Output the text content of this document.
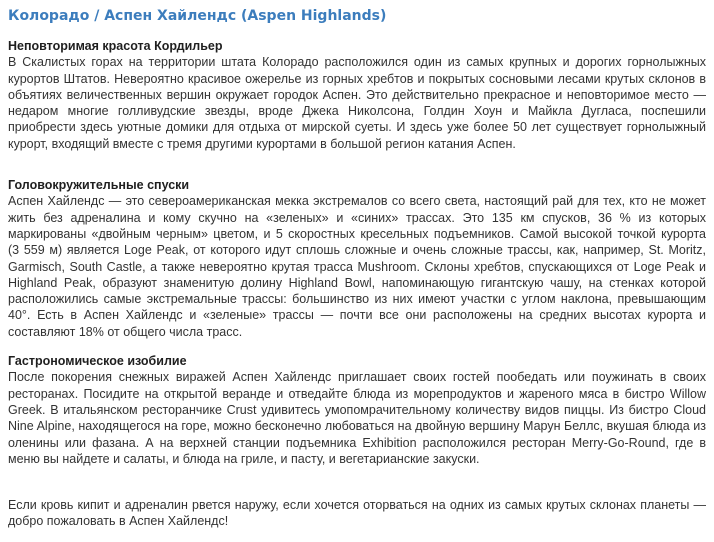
Колорадо / Аспен Хайлендс (Aspen Highlands)
Неповторимая красота Кордильер

В Скалистых горах на территории штата Колорадо расположился один из самых крупных и дорогих горнолыжных курортов Штатов. Невероятно красивое ожерелье из горных хребтов и покрытых сосновыми лесами крутых склонов в объятиях величественных вершин окружает городок Аспен. Это действительно прекрасное и неповторимое место — недаром многие голливудские звезды, вроде Джека Николсона, Голдин Хоун и Майкла Дугласа, поспешили приобрести здесь уютные домики для отдыха от мирской суеты. И здесь уже более 50 лет существует горнолыжный курорт, входящий вместе с тремя другими курортами в большой регион катания Аспен.

Головокружительные спуски

Аспен Хайлендс — это североамериканская мекка экстремалов со всего света, настоящий рай для тех, кто не может жить без адреналина и кому скучно на «зеленых» и «синих» трассах. Это 135 км спусков, 36 % из которых маркированы «двойным черным» цветом, и 5 скоростных кресельных подъемников. Самой высокой точкой курорта (3 559 м) является Loge Peak, от которого идут сплошь сложные и очень сложные трассы, как, например, St. Moritz, Garmisch, South Castle, а также невероятно крутая трасса Mushroom. Склоны хребтов, спускающихся от Loge Peak и Highland Peak, образуют знаменитую долину Highland Bowl, напоминающую гигантскую чашу, на стенках которой расположились самые экстремальные трассы: большинство из них имеют участки с углом наклона, превышающим 40°. Есть в Аспен Хайлендс и «зеленые» трассы — почти все они расположены на средних высотах курорта и составляют 18% от общего числа трасс.

Гастрономическое изобилие

После покорения снежных виражей Аспен Хайлендс приглашает своих гостей пообедать или поужинать в своих ресторанах. Посидите на открытой веранде и отведайте блюда из морепродуктов и жареного мяса в бистро Willow Greek. В итальянском ресторанчике Crust удивитесь умопомрачительному количеству видов пиццы. Из бистро Cloud Nine Alpine, находящегося на горе, можно бесконечно любоваться на двойную вершину Марун Беллс, вкушая блюда из оленины или фазана. А на верхней станции подъемника Exhibition расположился ресторан Merry-Go-Round, где в меню вы найдете и салаты, и блюда на гриле, и пасту, и вегетарианские закуски.

Если кровь кипит и адреналин рвется наружу, если хочется оторваться на одних из самых крутых склонах планеты — добро пожаловать в Аспен Хайлендс!
